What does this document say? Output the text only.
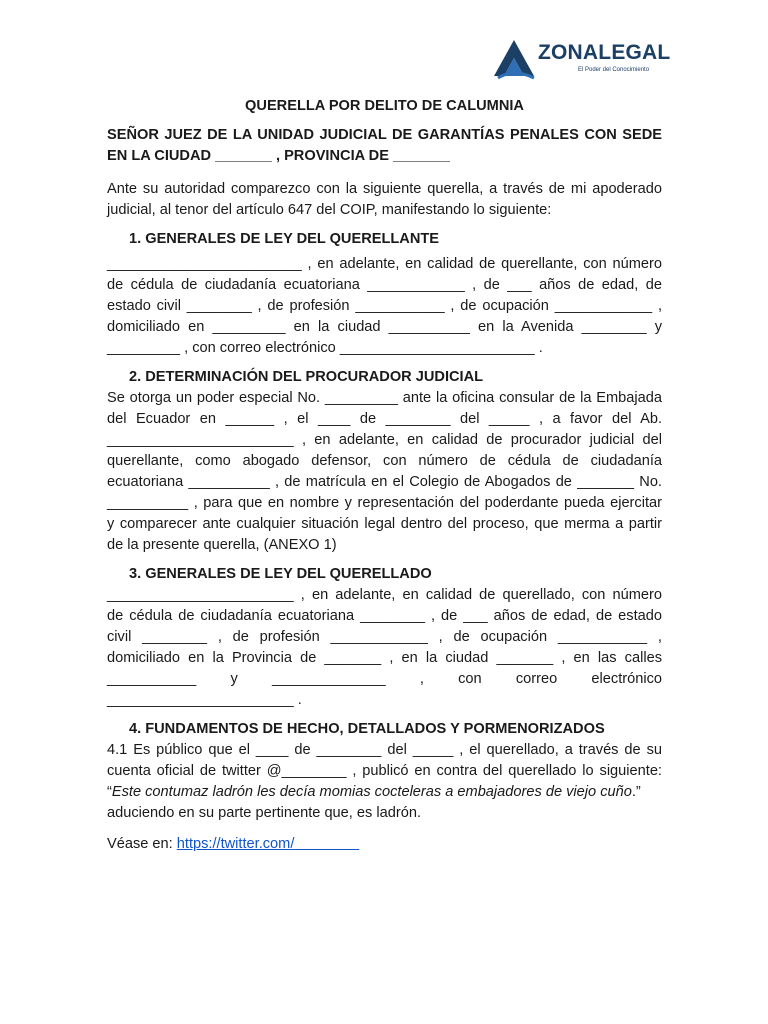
ZONALEGAL
El Poder del Conocimiento

QUERELLA POR DELITO DE CALUMNIA

SEÑOR JUEZ DE LA UNIDAD JUDICIAL DE GARANTÍAS PENALES CON SEDE

EN LA CIUDAD _______ , PROVINCIA DE _______

Ante su autoridad comparezco con la siguiente querella, a través de mi apoderado

judicial, al tenor del artículo 647 del COIP, manifestando lo siguiente:

1. GENERALES DE LEY DEL QUERELLANTE

________________________ , en adelante, en calidad de querellante, con número

de cédula de ciudadanía ecuatoriana ____________ , de ___ años de edad, de

estado civil ________ , de profesión ___________ , de ocupación ____________ ,

domiciliado en _________ en la ciudad __________ en la Avenida ________ y

_________ , con correo electrónico ________________________ .

2. DETERMINACIÓN DEL PROCURADOR JUDICIAL

Se otorga un poder especial No. _________ ante la oficina consular de la Embajada

del Ecuador en ______ , el ____ de ________ del _____ , a favor del Ab.

_______________________ , en adelante, en calidad de procurador judicial del

querellante, como abogado defensor, con número de cédula de ciudadanía

ecuatoriana __________ , de matrícula en el Colegio de Abogados de _______ No.

__________ , para que en nombre y representación del poderdante pueda ejercitar

y comparecer ante cualquier situación legal dentro del proceso, que merma a partir

de la presente querella, (ANEXO 1)

3. GENERALES DE LEY DEL QUERELLADO

_______________________ , en adelante, en calidad de querellado, con número

de cédula de ciudadanía ecuatoriana ________ , de ___ años de edad, de estado

civil ________ , de profesión ____________ , de ocupación ___________ ,

domiciliado en la Provincia de _______ , en la ciudad _______ , en las calles

___________ y ______________ , con correo electrónico

_______________________ .

4. FUNDAMENTOS DE HECHO, DETALLADOS Y PORMENORIZADOS

4.1 Es público que el ____ de ________ del _____ , el querellado, a través de su

cuenta oficial de twitter @________ , publicó en contra del querellado lo siguiente:

“Este contumaz ladrón les decía momias cocteleras a embajadores de viejo cuño.”

aduciendo en su parte pertinente que, es ladrón.

Véase en: https://twitter.com/
